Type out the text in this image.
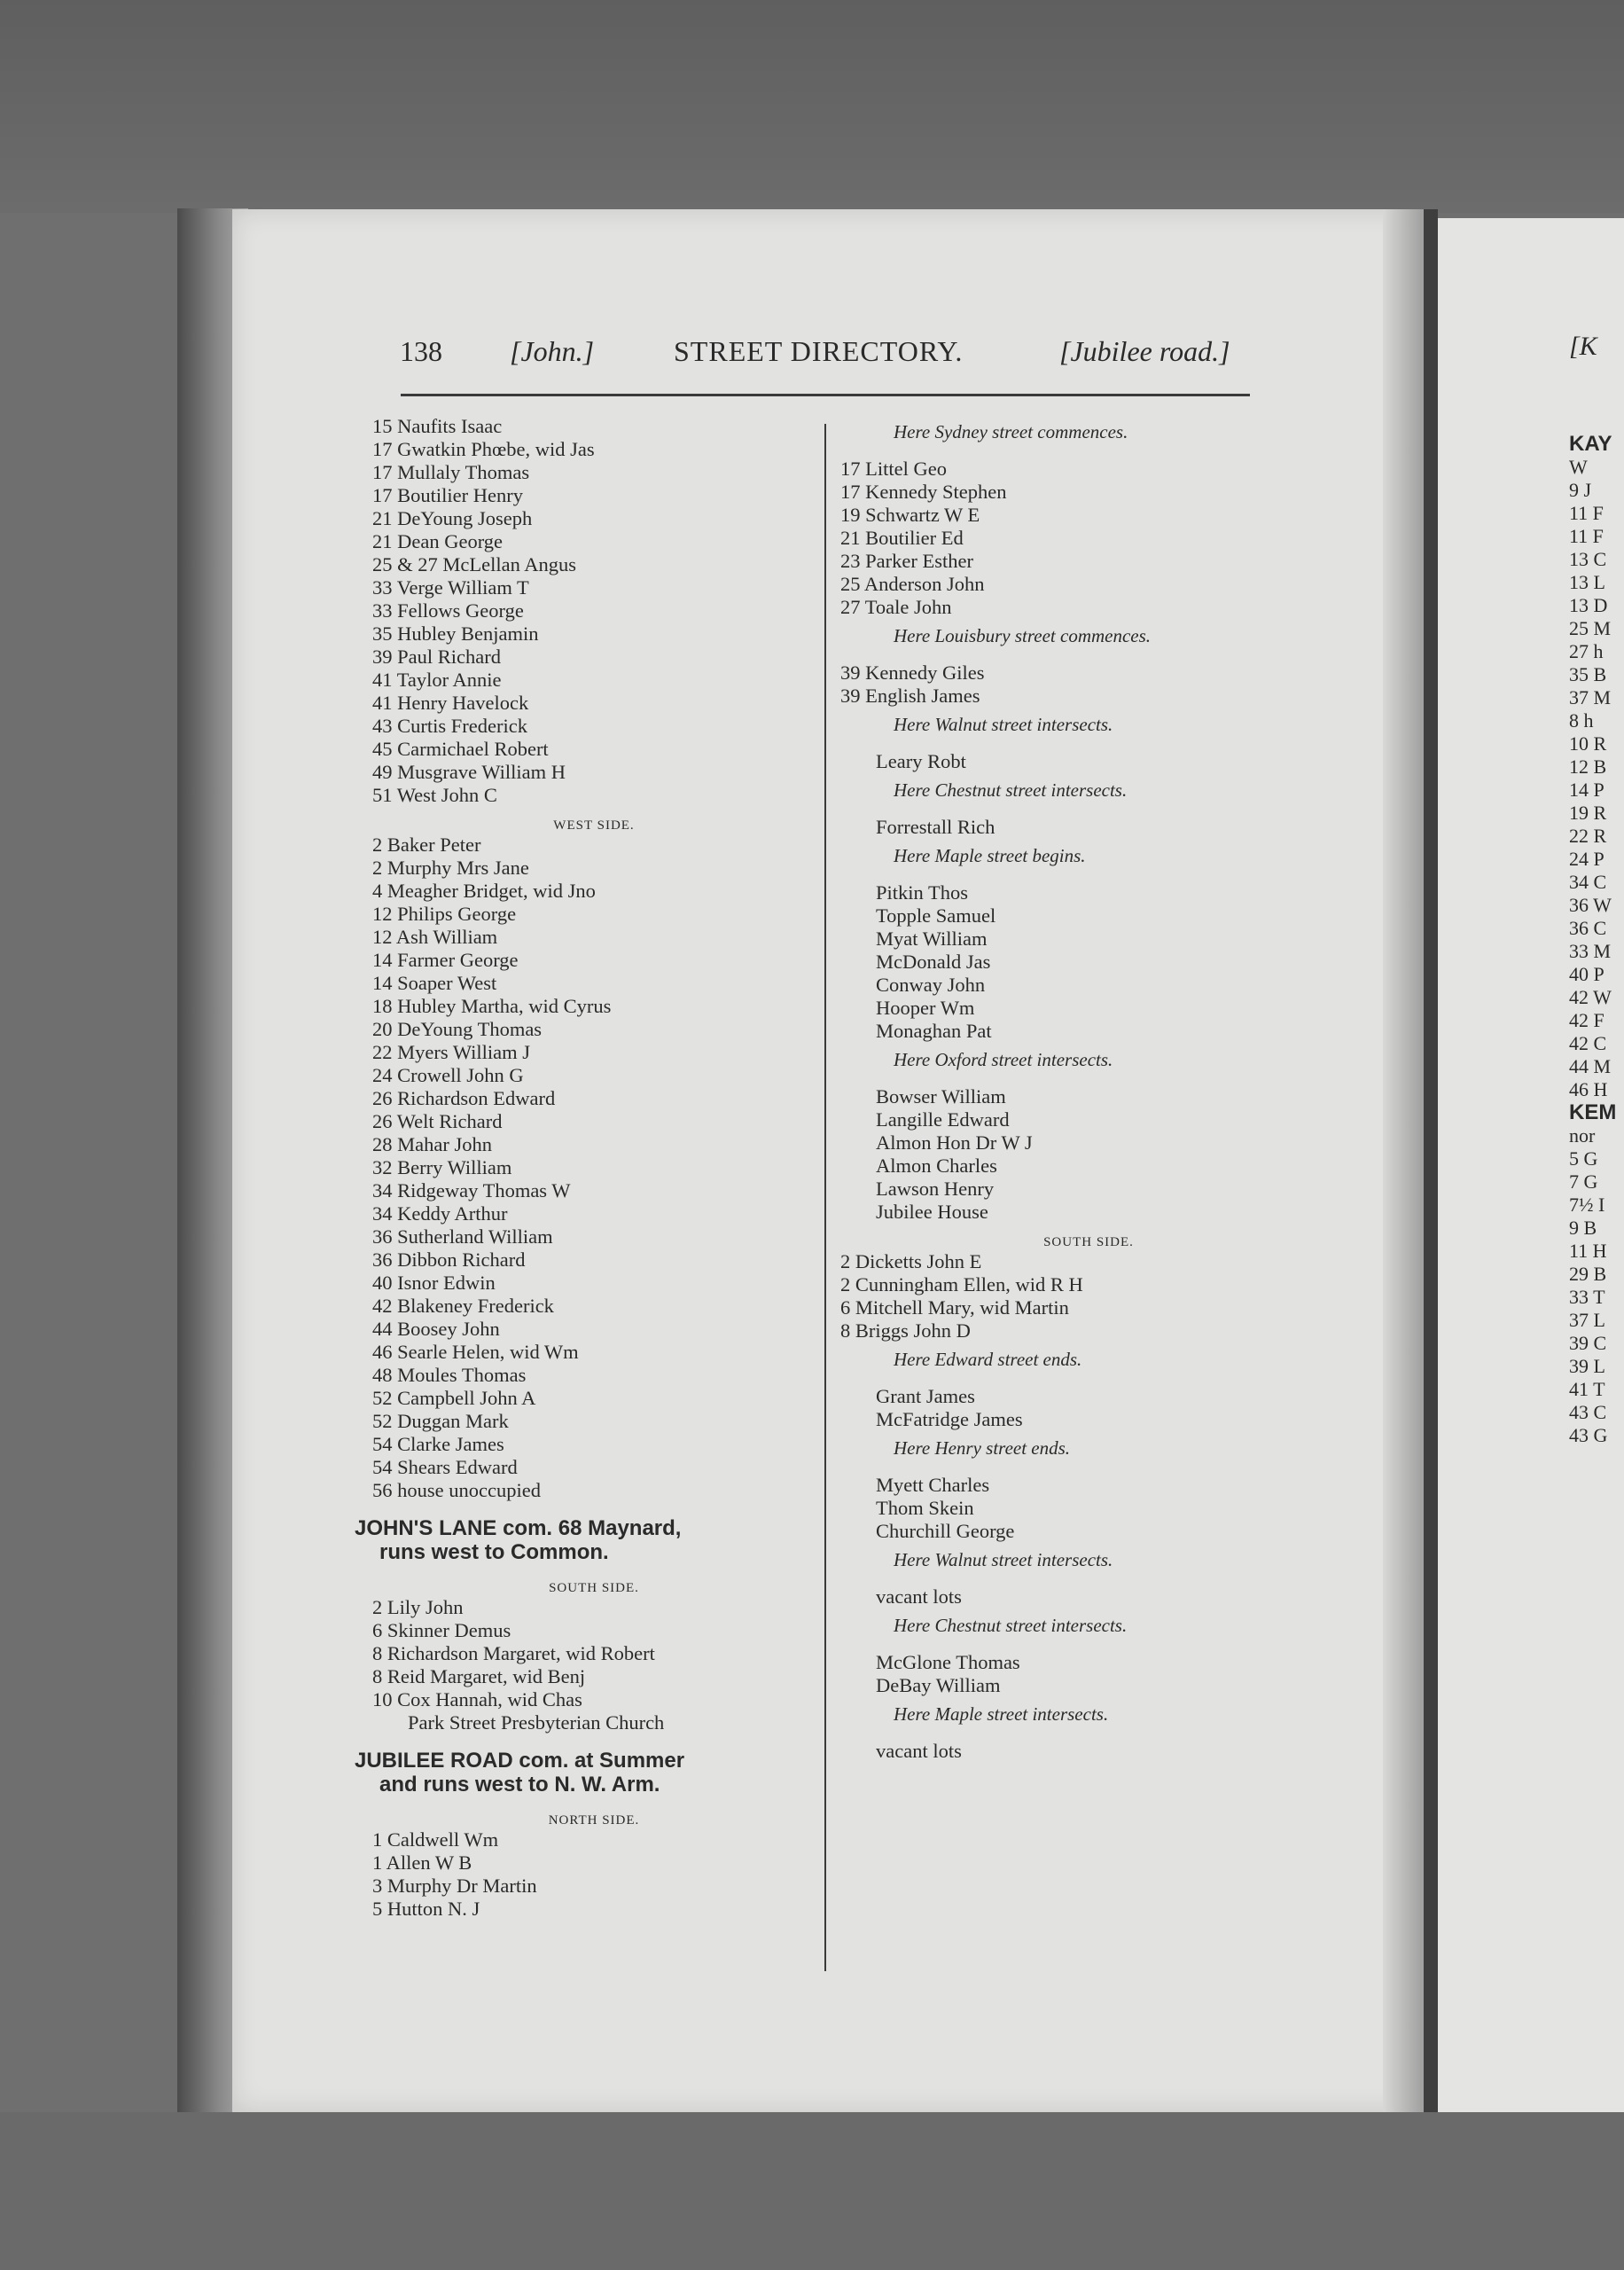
138 [John.]	STREET DIRECTORY.	[Jubilee road.]
15 Naufits Isaac
17 Gwatkin Phœbe, wid Jas
17 Mullaly Thomas
17 Boutilier Henry
21 DeYoung Joseph
21 Dean George
25 & 27 McLellan Angus
33 Verge William T
33 Fellows George
35 Hubley Benjamin
39 Paul Richard
41 Taylor Annie
41 Henry Havelock
43 Curtis Frederick
45 Carmichael Robert
49 Musgrave William H
51 West John C
WEST SIDE.
2 Baker Peter
2 Murphy Mrs Jane
4 Meagher Bridget, wid Jno
12 Philips George
12 Ash William
14 Farmer George
14 Soaper West
18 Hubley Martha, wid Cyrus
20 DeYoung Thomas
22 Myers William J
24 Crowell John G
26 Richardson Edward
26 Welt Richard
28 Mahar John
32 Berry William
34 Ridgeway Thomas W
34 Keddy Arthur
36 Sutherland William
36 Dibbon Richard
40 Isnor Edwin
42 Blakeney Frederick
44 Boosey John
46 Searle Helen, wid Wm
48 Moules Thomas
52 Campbell John A
52 Duggan Mark
54 Clarke James
54 Shears Edward
56 house unoccupied
JOHN'S LANE com. 68 Maynard,
runs west to Common.
SOUTH SIDE.
2 Lily John
6 Skinner Demus
8 Richardson Margaret, wid Robert
8 Reid Margaret, wid Benj
10 Cox Hannah, wid Chas
Park Street Presbyterian Church
JUBILEE ROAD com. at Summer
and runs west to N. W. Arm.
NORTH SIDE.
1 Caldwell Wm
1 Allen W B
3 Murphy Dr Martin
5 Hutton N. J
Here Sydney street commences.
17 Littel Geo
17 Kennedy Stephen
19 Schwartz W E
21 Boutilier Ed
23 Parker Esther
25 Anderson John
27 Toale John
Here Louisbury street commences.
39 Kennedy Giles
39 English James
Here Walnut street intersects.
Leary Robt
Here Chestnut street intersects.
Forrestall Rich
Here Maple street begins.
Pitkin Thos
Topple Samuel
Myat William
McDonald Jas
Conway John
Hooper Wm
Monaghan Pat
Here Oxford street intersects.
Bowser William
Langille Edward
Almon Hon Dr W J
Almon Charles
Lawson Henry
Jubilee House
SOUTH SIDE.
2 Dicketts John E
2 Cunningham Ellen, wid R H
6 Mitchell Mary, wid Martin
8 Briggs John D
Here Edward street ends.
Grant James
McFatridge James
Here Henry street ends.
Myett Charles
Thom Skein
Churchill George
Here Walnut street intersects.
vacant lots
Here Chestnut street intersects.
McGlone Thomas
DeBay William
Here Maple street intersects.
vacant lots
[K
KAY
W
9 J
11 F
11 F
13 C
13 L
13 D
25 M
27 h
35 B
37 M
8 h
10 R
12 B
14 P
19 R
22 R
24 P
34 C
36 W
36 C
33 M
40 P
42 W
42 F
42 C
44 M
46 H
KEM
nor
5 G
7 G
7½ I
9 B
11 H
29 B
33 T
37 L
39 C
39 L
41 T
43 C
43 G
